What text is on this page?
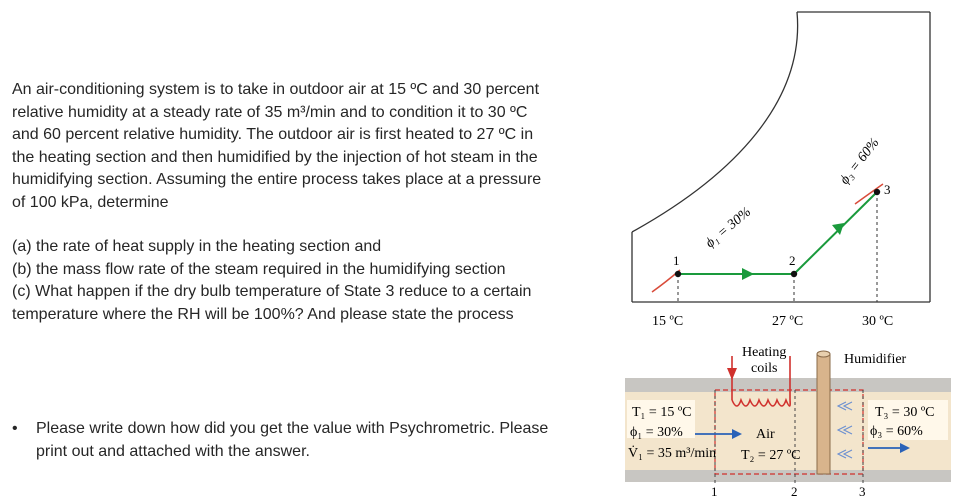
An air-conditioning system is to take in outdoor air at 15 ºC and 30 percent relative humidity at a steady rate of 35 m³/min and to condition it to 30 ºC and 60 percent relative humidity. The outdoor air is first heated to 27 ºC in the heating section and then humidified by the injection of hot steam in the humidifying section. Assuming the entire process takes place at a pressure of 100 kPa, determine
(a) the rate of heat supply in the heating section and
(b) the mass flow rate of the steam required in the humidifying section
(c) What happen if the dry bulb temperature of State 3 reduce to a certain temperature where the RH will be 100%? And please state the process
• Please write down how did you get the value with Psychrometric. Please print out and attached with the answer.
1	2
3
ϕ₁ = 30%
ϕ₃ = 60%
15 ºC	27 ºC	30 ºC
Heating
coils
Humidifier
T₁ = 15 ºC
ϕ₁ = 30%
V̇₁ = 35 m³/min
Air
T₂ = 27 ºC
T₃ = 30 ºC
ϕ₃ = 60%
1	2	3
